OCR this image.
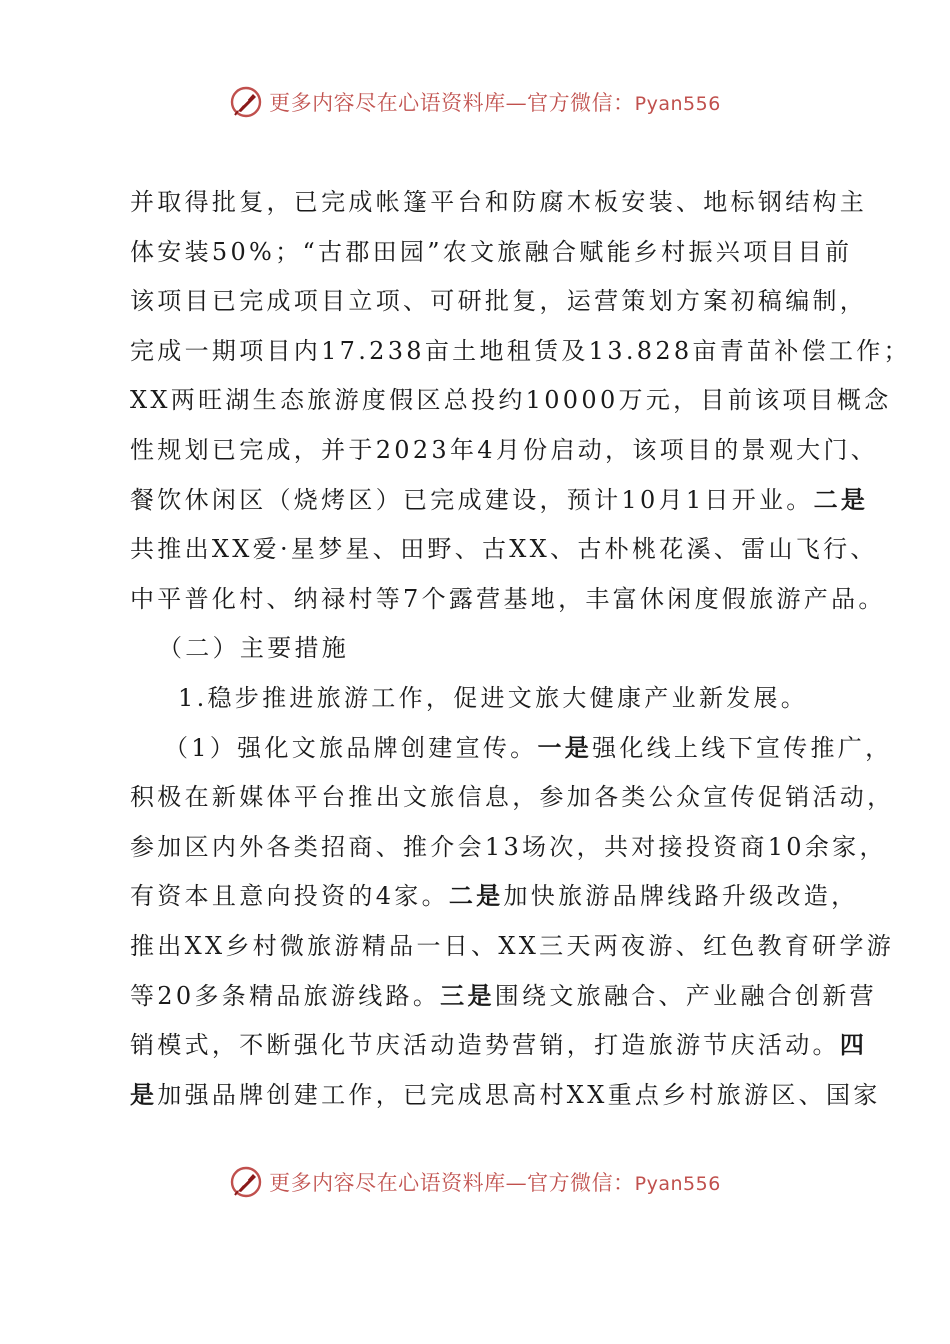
更多内容尽在心语资料库—官方微信：Pyan556
并取得批复，已完成帐篷平台和防腐木板安装、地标钢结构主
体安装50%；“古郡田园”农文旅融合赋能乡村振兴项目目前
该项目已完成项目立项、可研批复，运营策划方案初稿编制，
完成一期项目内17.238亩土地租赁及13.828亩青苗补偿工作；
XX两旺湖生态旅游度假区总投约10000万元，目前该项目概念
性规划已完成，并于2023年4月份启动，该项目的景观大门、
餐饮休闲区（烧烤区）已完成建设，预计10月1日开业。二是
共推出XX爱·星梦星、田野、古XX、古朴桃花溪、雷山飞行、
中平普化村、纳禄村等7个露营基地，丰富休闲度假旅游产品。
（二）主要措施
1.稳步推进旅游工作，促进文旅大健康产业新发展。
（1）强化文旅品牌创建宣传。一是强化线上线下宣传推广，
积极在新媒体平台推出文旅信息，参加各类公众宣传促销活动，
参加区内外各类招商、推介会13场次，共对接投资商10余家，
有资本且意向投资的4家。二是加快旅游品牌线路升级改造，
推出XX乡村微旅游精品一日、XX三天两夜游、红色教育研学游
等20多条精品旅游线路。三是围绕文旅融合、产业融合创新营
销模式，不断强化节庆活动造势营销，打造旅游节庆活动。四
是加强品牌创建工作，已完成思高村XX重点乡村旅游区、国家
更多内容尽在心语资料库—官方微信：Pyan556
